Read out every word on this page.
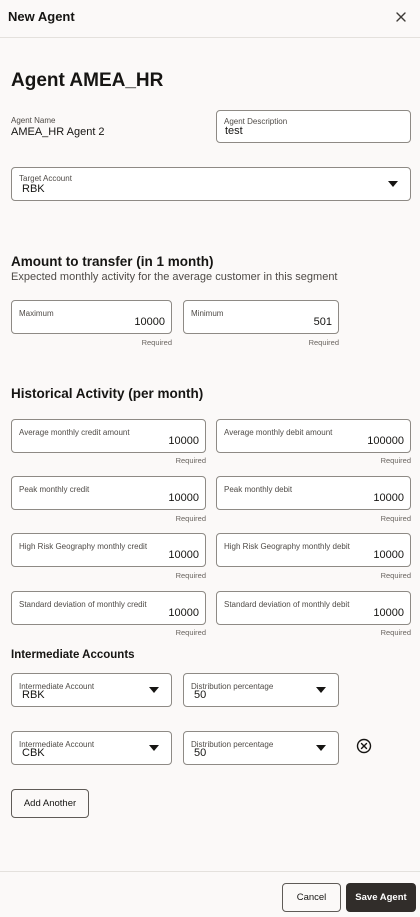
New Agent
Agent AMEA_HR
Agent Name
AMEA_HR Agent 2
Agent Description
test
Target Account
RBK
Amount to transfer (in 1 month)
Expected monthly activity for the average customer in this segment
Maximum
10000
Required
Minimum
501
Required
Historical Activity (per month)
Average monthly credit amount
10000
Required
Average monthly debit amount
100000
Required
Peak monthly credit
10000
Required
Peak monthly debit
10000
Required
High Risk Geography monthly credit
10000
Required
High Risk Geography monthly debit
10000
Required
Standard deviation of monthly credit
10000
Required
Standard deviation of monthly debit
10000
Required
Intermediate Accounts
Intermediate Account
RBK
Distribution percentage
50
Intermediate Account
CBK
Distribution percentage
50
Add Another
Cancel	Save Agent
